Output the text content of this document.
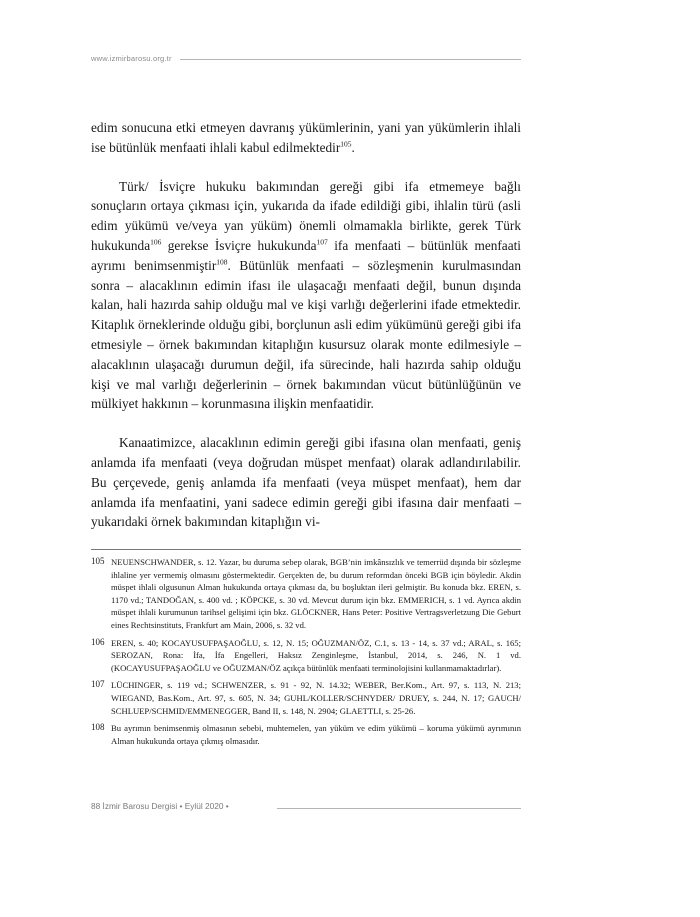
www.izmirbarosu.org.tr

edim sonucuna etki etmeyen davranış yükümlerinin, yani yan yükümlerin ihlali ise bütünlük menfaati ihlali kabul edilmektedir$^{105}$.

Türk/ İsviçre hukuku bakımından gereği gibi ifa etmemeye bağlı sonuçların ortaya çıkması için, yukarıda da ifade edildiği gibi, ihlalin türü (asli edim yükümü ve/veya yan yüküm) önemli olmamakla birlikte, gerek Türk hukukunda$^{106}$ gerekse İsviçre hukukunda$^{107}$ ifa menfaati – bütünlük menfaati ayrımı benimsenmiştir$^{108}$. Bütünlük menfaati – sözleşmenin kurulmasından sonra – alacaklının edimin ifası ile ulaşacağı menfaati değil, bunun dışında kalan, hali hazırda sahip olduğu mal ve kişi varlığı değerlerini ifade etmektedir. Kitaplık örneklerinde olduğu gibi, borçlunun asli edim yükümünü gereği gibi ifa etmesiyle – örnek bakımından kitaplığın kusursuz olarak monte edilmesiyle – alacaklının ulaşacağı durumun değil, ifa sürecinde, hali hazırda sahip olduğu kişi ve mal varlığı değerlerinin – örnek bakımından vücut bütünlüğünün ve mülkiyet hakkının – korunmasına ilişkin menfaatidir.

Kanaatimizce, alacaklının edimin gereği gibi ifasına olan menfaati, geniş anlamda ifa menfaati (veya doğrudan müspet menfaat) olarak adlandırılabilir. Bu çerçevede, geniş anlamda ifa menfaati (veya müspet menfaat), hem dar anlamda ifa menfaatini, yani sadece edimin gereği gibi ifasına dair menfaati – yukarıdaki örnek bakımından kitaplığın vi-

105 NEUENSCHWANDER, s. 12. Yazar, bu duruma sebep olarak, BGB’nin imkânsızlık ve temerrüd dışında bir sözleşme ihlaline yer vermemiş olmasını göstermektedir. Gerçekten de, bu durum reformdan önceki BGB için böyledir. Akdin müspet ihlali olgusunun Alman hukukunda ortaya çıkması da, bu boşluktan ileri gelmiştir. Bu konuda bkz. EREN, s. 1170 vd.; TANDOĞAN, s. 400 vd. ; KÖPCKE, s. 30 vd. Mevcut durum için bkz. EMMERICH, s. 1 vd. Ayrıca akdin müspet ihlali kurumunun tarihsel gelişimi için bkz. GLÖCKNER, Hans Peter: Positive Vertragsverletzung Die Geburt eines Rechtsinstituts, Frankfurt am Main, 2006, s. 32 vd.
106 EREN, s. 40; KOCAYUSUFPAŞAOĞLU, s. 12, N. 15; OĞUZMAN/ÖZ, C.1, s. 13 - 14, s. 37 vd.; ARAL, s. 165; SEROZAN, Rona: İfa, İfa Engelleri, Haksız Zenginleşme, İstanbul, 2014, s. 246, N. 1 vd. (KOCAYUSUFPAŞAOĞLU ve OĞUZMAN/ÖZ açıkça bütünlük menfaati terminolojisini kullanmamaktadırlar).
107 LÜCHINGER, s. 119 vd.; SCHWENZER, s. 91 - 92, N. 14.32; WEBER, Ber.Kom., Art. 97, s. 113, N. 213; WIEGAND, Bas.Kom., Art. 97, s. 605, N. 34; GUHL/KOLLER/SCHNYDER/ DRUEY, s. 244, N. 17; GAUCH/ SCHLUEP/SCHMID/EMMENEGGER, Band II, s. 148, N. 2904; GLAETTLI, s. 25-26.
108 Bu ayrımın benimsenmiş olmasının sebebi, muhtemelen, yan yüküm ve edim yükümü – koruma yükümü ayrımının Alman hukukunda ortaya çıkmış olmasıdır.
88 İzmir Barosu Dergisi • Eylül 2020 •
